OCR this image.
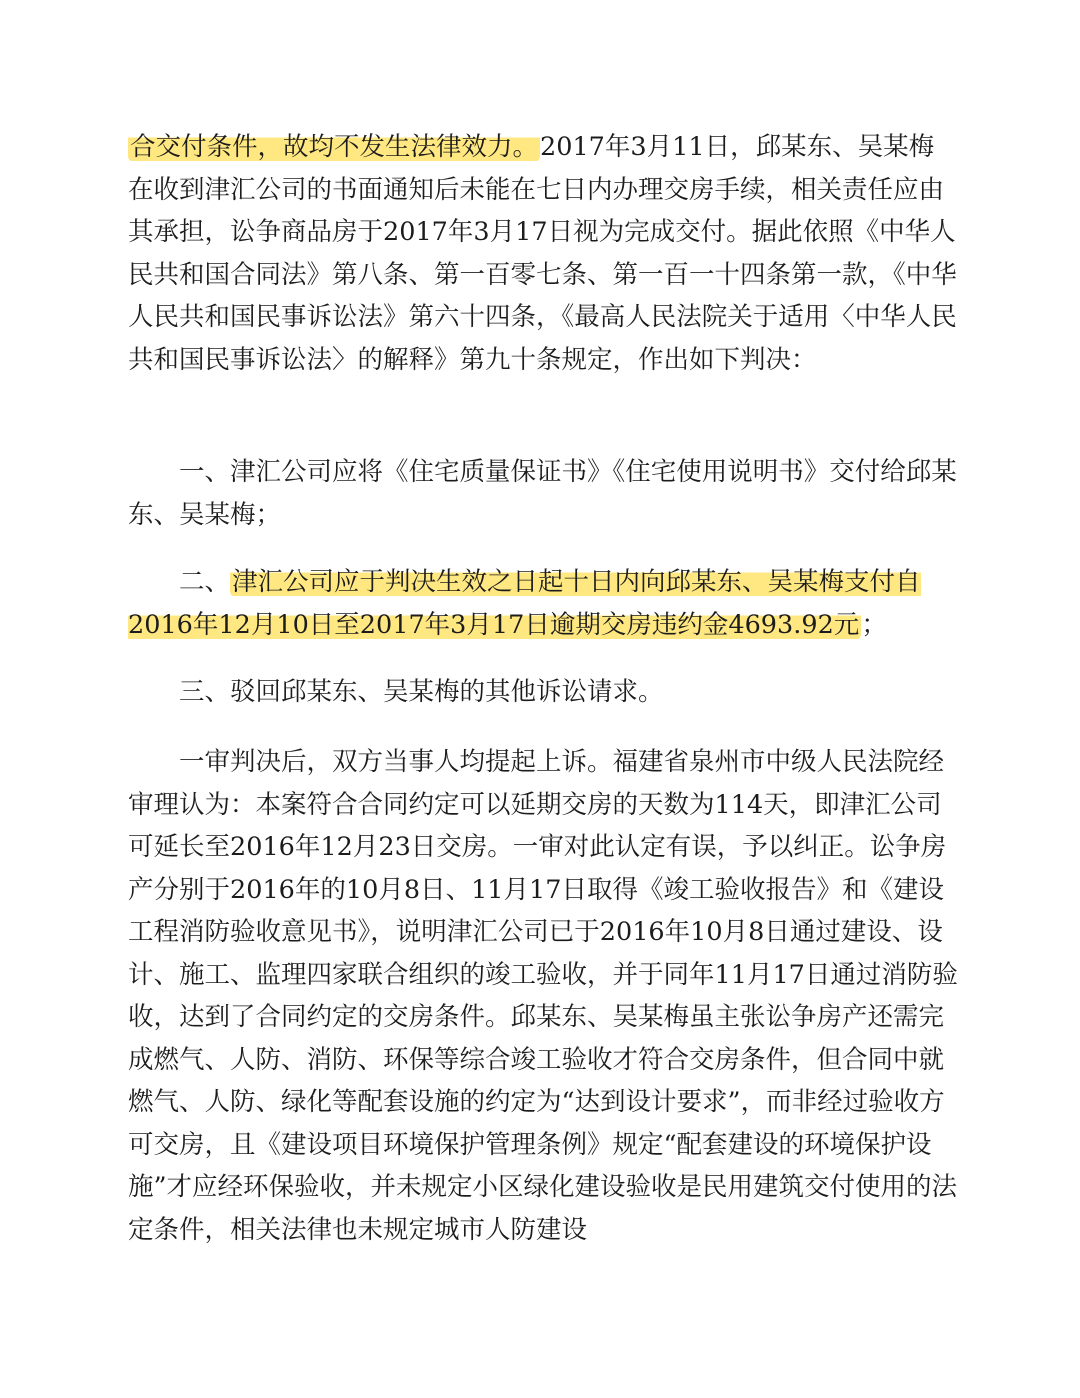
合交付条件，故均不发生法律效力。2017年3月11日，邱某东、吴某梅在收到津汇公司的书面通知后未能在七日内办理交房手续，相关责任应由其承担，讼争商品房于2017年3月17日视为完成交付。据此依照《中华人民共和国合同法》第八条、第一百零七条、第一百一十四条第一款，《中华人民共和国民事诉讼法》第六十四条，《最高人民法院关于适用〈中华人民共和国民事诉讼法〉的解释》第九十条规定，作出如下判决：

一、津汇公司应将《住宅质量保证书》《住宅使用说明书》交付给邱某东、吴某梅；

二、津汇公司应于判决生效之日起十日内向邱某东、吴某梅支付自2016年12月10日至2017年3月17日逾期交房违约金4693.92元；

三、驳回邱某东、吴某梅的其他诉讼请求。

一审判决后，双方当事人均提起上诉。福建省泉州市中级人民法院经审理认为：本案符合合同约定可以延期交房的天数为114天，即津汇公司可延长至2016年12月23日交房。一审对此认定有误，予以纠正。讼争房产分别于2016年的10月8日、11月17日取得《竣工验收报告》和《建设工程消防验收意见书》，说明津汇公司已于2016年10月8日通过建设、设计、施工、监理四家联合组织的竣工验收，并于同年11月17日通过消防验收，达到了合同约定的交房条件。邱某东、吴某梅虽主张讼争房产还需完成燃气、人防、消防、环保等综合竣工验收才符合交房条件，但合同中就燃气、人防、绿化等配套设施的约定为“达到设计要求”，而非经过验收方可交房，且《建设项目环境保护管理条例》规定“配套建设的环境保护设施”才应经环保验收，并未规定小区绿化建设验收是民用建筑交付使用的法定条件，相关法律也未规定城市人防建设
